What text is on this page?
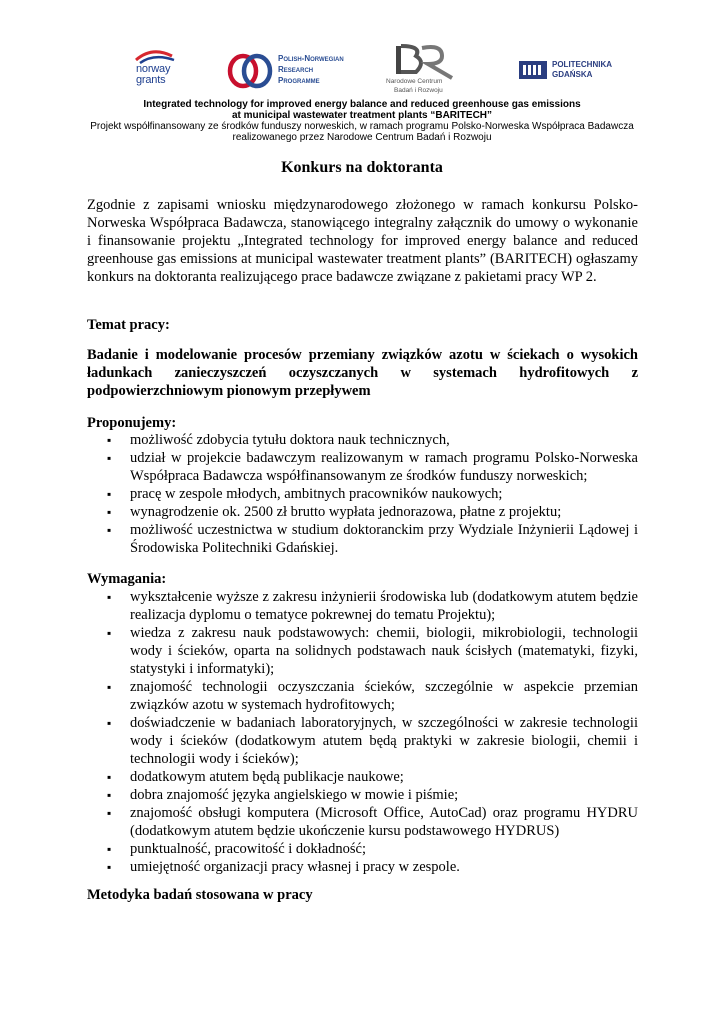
norway
grants
Polish-Norwegian
Research
Programme	Narodowe Centrum
Badań i Rozwoju
POLITECHNIKA
GDAŃSKA
Integrated technology for improved energy balance and reduced greenhouse gas emissions
at municipal wastewater treatment plants “BARITECH”
Projekt współfinansowany ze środków funduszy norweskich, w ramach programu Polsko-Norweska Współpraca Badawcza
realizowanego przez Narodowe Centrum Badań i Rozwoju
Konkurs na doktoranta
Zgodnie z zapisami wniosku międzynarodowego złożonego w ramach konkursu Polsko-Norweska Współpraca Badawcza, stanowiącego integralny załącznik do umowy o wykonanie i finansowanie projektu „Integrated technology for improved energy balance and reduced greenhouse gas emissions at municipal wastewater treatment plants” (BARITECH) ogłaszamy konkurs na doktoranta realizującego prace badawcze związane z pakietami pracy WP 2.
Temat pracy:
Badanie i modelowanie procesów przemiany związków azotu w ściekach o wysokich ładunkach zanieczyszczeń oczyszczanych w systemach hydrofitowych z podpowierzchniowym pionowym przepływem
Proponujemy:
▪ możliwość zdobycia tytułu doktora nauk technicznych,
▪ udział w projekcie badawczym realizowanym w ramach programu Polsko-Norweska Współpraca Badawcza współfinansowanym ze środków funduszy norweskich;
▪ pracę w zespole młodych, ambitnych pracowników naukowych;
▪ wynagrodzenie ok. 2500 zł brutto wypłata jednorazowa, płatne z projektu;
▪ możliwość uczestnictwa w studium doktoranckim przy Wydziale Inżynierii Lądowej i Środowiska Politechniki Gdańskiej.
Wymagania:
▪ wykształcenie wyższe z zakresu inżynierii środowiska lub (dodatkowym atutem będzie realizacja dyplomu o tematyce pokrewnej do tematu Projektu);
▪ wiedza z zakresu nauk podstawowych: chemii, biologii, mikrobiologii, technologii wody i ścieków, oparta na solidnych podstawach nauk ścisłych (matematyki, fizyki, statystyki i informatyki);
▪ znajomość technologii oczyszczania ścieków, szczególnie w aspekcie przemian związków azotu w systemach hydrofitowych;
▪ doświadczenie w badaniach laboratoryjnych, w szczególności w zakresie technologii wody i ścieków (dodatkowym atutem będą praktyki w zakresie biologii, chemii i technologii wody i ścieków);
▪ dodatkowym atutem będą publikacje naukowe;
▪ dobra znajomość języka angielskiego w mowie i piśmie;
▪ znajomość obsługi komputera (Microsoft Office, AutoCad) oraz programu HYDRU (dodatkowym atutem będzie ukończenie kursu podstawowego HYDRUS)
▪ punktualność, pracowitość i dokładność;
▪ umiejętność organizacji pracy własnej i pracy w zespole.
Metodyka badań stosowana w pracy
